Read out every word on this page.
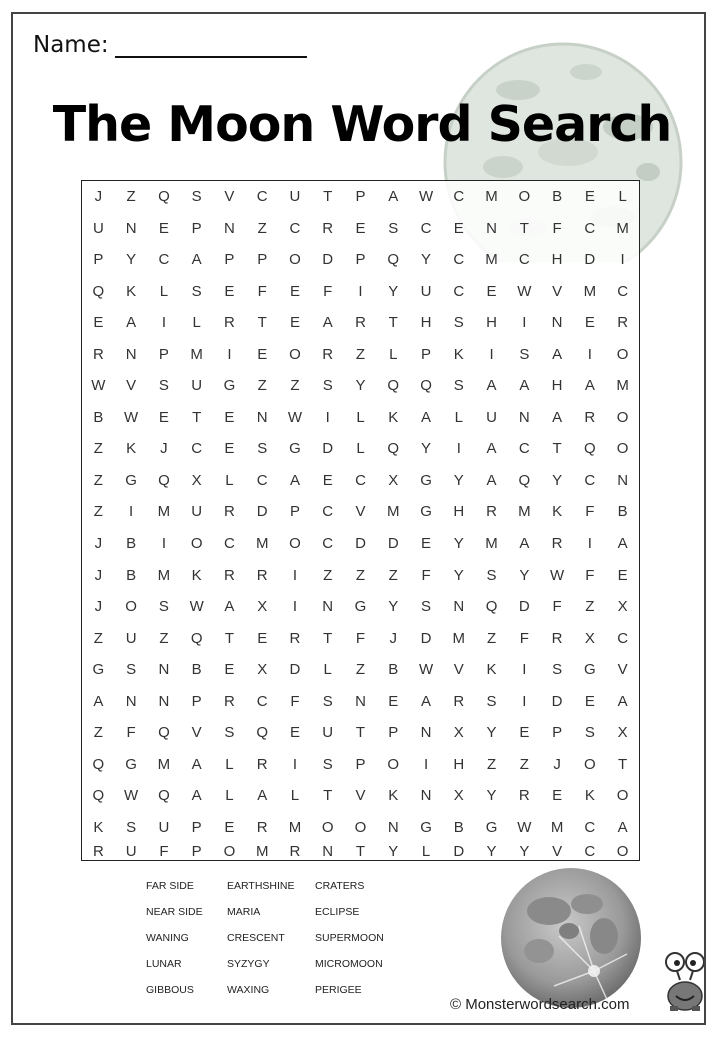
Name:
The Moon Word Search
J	Z	Q	S	V	C	U	T	P	A	W	C	M	O	B	E	L
U	N	E	P	N	Z	C	R	E	S	C	E	N	T	F	C	M
P	Y	C	A	P	P	O	D	P	Q	Y	C	M	C	H	D	I
Q	K	L	S	E	F	E	F	I	Y	U	C	E	W	V	M	C
E	A	I	L	R	T	E	A	R	T	H	S	H	I	N	E	R
R	N	P	M	I	E	O	R	Z	L	P	K	I	S	A	I	O
W	V	S	U	G	Z	Z	S	Y	Q	Q	S	A	A	H	A	M
B	W	E	T	E	N	W	I	L	K	A	L	U	N	A	R	O
Z	K	J	C	E	S	G	D	L	Q	Y	I	A	C	T	Q	O
Z	G	Q	X	L	C	A	E	C	X	G	Y	A	Q	Y	C	N
Z	I	M	U	R	D	P	C	V	M	G	H	R	M	K	F	B
J	B	I	O	C	M	O	C	D	D	E	Y	M	A	R	I	A
J	B	M	K	R	R	I	Z	Z	Z	F	Y	S	Y	W	F	E
J	O	S	W	A	X	I	N	G	Y	S	N	Q	D	F	Z	X
Z	U	Z	Q	T	E	R	T	F	J	D	M	Z	F	R	X	C
G	S	N	B	E	X	D	L	Z	B	W	V	K	I	S	G	V
A	N	N	P	R	C	F	S	N	E	A	R	S	I	D	E	A
Z	F	Q	V	S	Q	E	U	T	P	N	X	Y	E	P	S	X
Q	G	M	A	L	R	I	S	P	O	I	H	Z	Z	J	O	T
Q	W	Q	A	L	A	L	T	V	K	N	X	Y	R	E	K	O
K	S	U	P	E	R	M	O	O	N	G	B	G	W	M	C	A
R	U	F	P	O	M	R	N	T	Y	L	D	Y	Y	V	C	O
FAR SIDE	EARTHSHINE	CRATERS
NEAR SIDE	MARIA	ECLIPSE
WANING	CRESCENT	SUPERMOON
LUNAR	SYZYGY	MICROMOON
GIBBOUS	WAXING	PERIGEE
© Monsterwordsearch.com
